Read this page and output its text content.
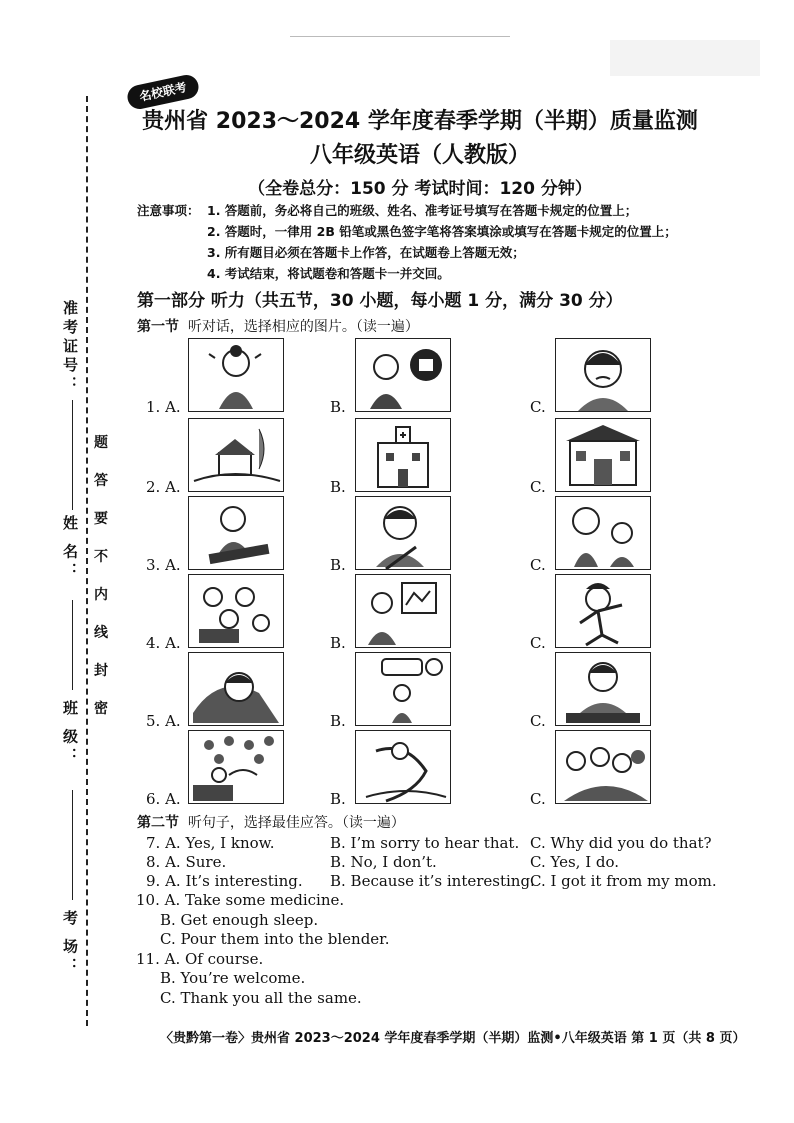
准考证号：
姓 名：
班 级：
考 场：
题
答
要
不
内
线
封
密
名校联考
贵州省 2023～2024 学年度春季学期（半期）质量监测
八年级英语（人教版）
（全卷总分：150 分 考试时间：120 分钟）
注意事项： 1. 答题前，务必将自己的班级、姓名、准考证号填写在答题卡规定的位置上；
2. 答题时，一律用 2B 铅笔或黑色签字笔将答案填涂或填写在答题卡规定的位置上；
3. 所有题目必须在答题卡上作答，在试题卷上答题无效；
4. 考试结束，将试题卷和答题卡一并交回。
第一部分 听力（共五节，30 小题，每小题 1 分，满分 30 分）
第一节 听对话，选择相应的图片。（读一遍）
1. A.	B.	C.
2. A.	B.	C.
3. A.	B.	C.
4. A.	B.	C.
5. A.	B.	C.
6. A.	B.	C.
第二节 听句子，选择最佳应答。（读一遍）
7. A. Yes, I know.	B. I’m sorry to hear that. C. Why did you do that?
8. A. Sure.	B. No, I don’t.	C. Yes, I do.
9. A. It’s interesting. B. Because it’s interesting.
C. I got it from my mom.
10. A. Take some medicine.
B. Get enough sleep.
C. Pour them into the blender.
11. A. Of course.
B. You’re welcome.
C. Thank you all the same.
〈贵黔第一卷〉贵州省 2023～2024 学年度春季学期（半期）监测•八年级英语 第 1 页（共 8 页）
